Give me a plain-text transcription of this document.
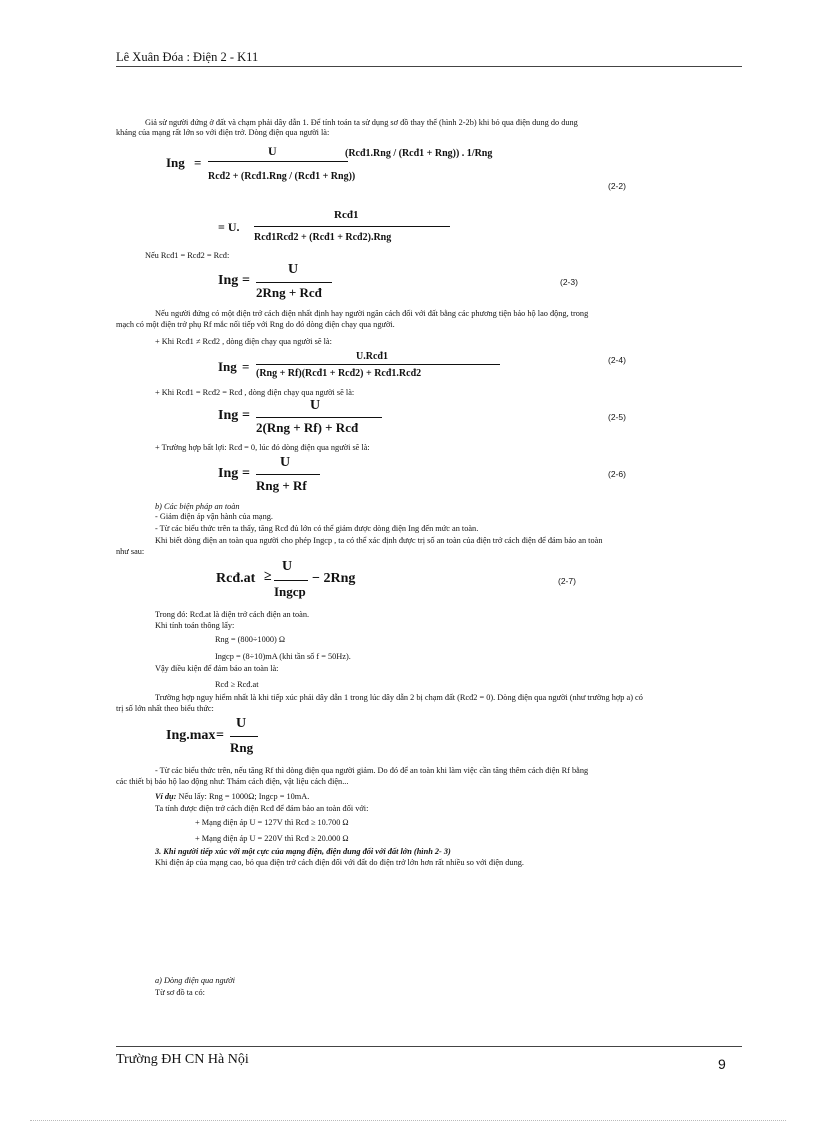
Lê Xuân Đóa : Điện 2 - K11
Giả sử người đứng ở đất và chạm phải dây dẫn 1. Để tính toán ta sử dụng sơ đồ thay thế (hình 2-2b) khi bỏ qua điện dung do dung
kháng của mạng rất lớn so với điện trở. Dòng điện qua người là:
Ing =
U
Rcđ2 + (Rcđ1.Rng / (Rcđ1 + Rng))
(Rcđ1.Rng / (Rcđ1 + Rng)) . 1/Rng
(2-2)
= U.
Rcđ1
Rcđ1Rcđ2 + (Rcđ1 + Rcđ2).Rng
Nếu Rcđ1 = Rcđ2 = Rcđ:
Ing =
U
2Rng + Rcđ
(2-3)
Nếu người đứng có một điện trở cách điện nhất định hay người ngăn cách đối với đất bằng các phương tiện bảo hộ lao động, trong
mạch có một điện trở phụ Rf mắc nối tiếp với Rng do đó dòng điện chạy qua người.
+ Khi Rcđ1 ≠ Rcđ2 , dòng điện chạy qua người sẽ là:
Ing =
U.Rcđ1
(Rng + Rf)(Rcđ1 + Rcđ2) + Rcđ1.Rcđ2
(2-4)
+ Khi Rcđ1 = Rcđ2 = Rcđ , dòng điện chạy qua người sẽ là:
Ing =
U
2(Rng + Rf) + Rcđ
(2-5)
+ Trường hợp bất lợi: Rcđ = 0, lúc đó dòng điện qua người sẽ là:
Ing =
U
Rng + Rf
(2-6)
b) Các biện pháp an toàn
- Giảm điện áp vận hành của mạng.
- Từ các biểu thức trên ta thấy, tăng Rcđ đủ lớn có thể giảm được dòng điện Ing đến mức an toàn.
Khi biết dòng điện an toàn qua người cho phép Ingcp , ta có thể xác định được trị số an toàn của điện trở cách điện để đảm bảo an toàn
như sau:
Rcđ.at ≥
U
Ingcp
− 2Rng	(2-7)
Trong đó: Rcđ.at là điện trở cách điện an toàn.
Khi tính toán thông lấy:
Rng = (800÷1000) Ω
Ingcp = (8÷10)mA (khi tần số f = 50Hz).
Vậy điều kiện để đảm bảo an toàn là:
Rcđ ≥ Rcđ.at
Trường hợp nguy hiểm nhất là khi tiếp xúc phải dây dẫn 1 trong lúc dây dẫn 2 bị chạm đất (Rcđ2 = 0). Dòng điện qua người (như trường hợp a) có
trị số lớn nhất theo biểu thức:
Ing.max =
U
Rng
- Từ các biểu thức trên, nếu tăng Rf thì dòng điện qua người giảm. Do đó để an toàn khi làm việc cần tăng thêm cách điện Rf bằng
các thiết bị bảo hộ lao động như: Thảm cách điện, vật liệu cách điện...
Ví dụ: Nếu lấy: Rng = 1000Ω; Ingcp = 10mA.
Ta tính được điện trở cách điện Rcđ để đảm bảo an toàn đối với:
+ Mạng điện áp U = 127V thì Rcđ ≥ 10.700 Ω
+ Mạng điện áp U = 220V thì Rcđ ≥ 20.000 Ω
3. Khi người tiếp xúc với một cực của mạng điện, điện dung đối với đất lớn (hình 2- 3)
Khi điện áp của mạng cao, bỏ qua điện trở cách điện đối với đất do điện trở lớn hơn rất nhiều so với điện dung.
a) Dòng điện qua người
Từ sơ đồ ta có:
Trường ĐH CN Hà Nội	9
